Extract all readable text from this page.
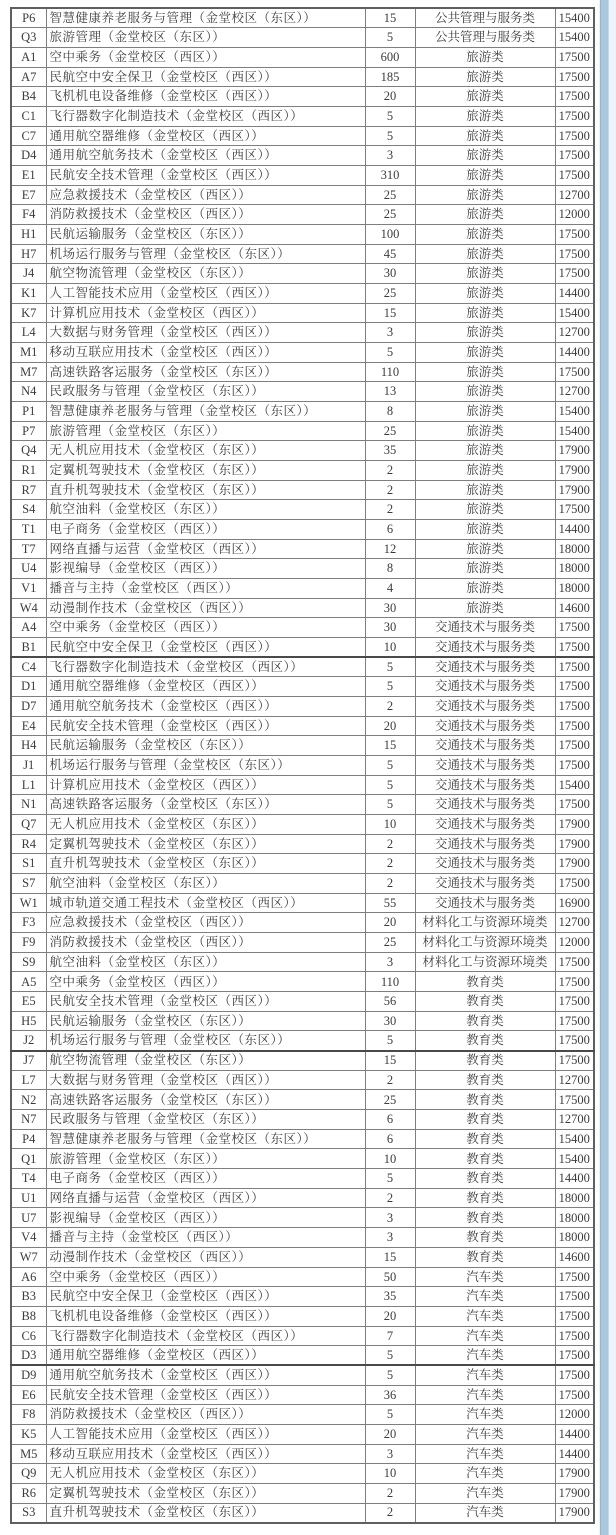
P6	智慧健康养老服务与管理（金堂校区（东区））	15	公共管理与服务类	15400
Q3	旅游管理（金堂校区（东区））	5	公共管理与服务类	15400
A1	空中乘务（金堂校区（西区））	600	旅游类	17500
A7	民航空中安全保卫（金堂校区（西区））	185	旅游类	17500
B4	飞机机电设备维修（金堂校区（西区））	20	旅游类	17500
C1	飞行器数字化制造技术（金堂校区（西区））	5	旅游类	17500
C7	通用航空器维修（金堂校区（西区））	5	旅游类	17500
D4	通用航空航务技术（金堂校区（西区））	3	旅游类	17500
E1	民航安全技术管理（金堂校区（西区））	310	旅游类	17500
E7	应急救援技术（金堂校区（西区））	25	旅游类	12700
F4	消防救援技术（金堂校区（西区））	25	旅游类	12000
H1	民航运输服务（金堂校区（东区））	100	旅游类	17500
H7	机场运行服务与管理（金堂校区（东区））	45	旅游类	17500
J4	航空物流管理（金堂校区（东区））	30	旅游类	17500
K1	人工智能技术应用（金堂校区（西区））	25	旅游类	14400
K7	计算机应用技术（金堂校区（西区））	15	旅游类	15400
L4	大数据与财务管理（金堂校区（西区））	3	旅游类	12700
M1	移动互联应用技术（金堂校区（西区））	5	旅游类	14400
M7	高速铁路客运服务（金堂校区（东区））	110	旅游类	17500
N4	民政服务与管理（金堂校区（东区））	13	旅游类	12700
P1	智慧健康养老服务与管理（金堂校区（东区））	8	旅游类	15400
P7	旅游管理（金堂校区（东区））	25	旅游类	15400
Q4	无人机应用技术（金堂校区（东区））	35	旅游类	17900
R1	定翼机驾驶技术（金堂校区（东区））	2	旅游类	17900
R7	直升机驾驶技术（金堂校区（东区））	2	旅游类	17900
S4	航空油料（金堂校区（东区））	2	旅游类	17500
T1	电子商务（金堂校区（西区））	6	旅游类	14400
T7	网络直播与运营（金堂校区（西区））	12	旅游类	18000
U4	影视编导（金堂校区（西区））	8	旅游类	18000
V1	播音与主持（金堂校区（西区））	4	旅游类	18000
W4	动漫制作技术（金堂校区（西区））	30	旅游类	14600
A4	空中乘务（金堂校区（西区））	30	交通技术与服务类	17500
B1	民航空中安全保卫（金堂校区（西区））	10	交通技术与服务类	17500
C4	飞行器数字化制造技术（金堂校区（西区））	5	交通技术与服务类	17500
D1	通用航空器维修（金堂校区（西区））	5	交通技术与服务类	17500
D7	通用航空航务技术（金堂校区（西区））	2	交通技术与服务类	17500
E4	民航安全技术管理（金堂校区（西区））	20	交通技术与服务类	17500
H4	民航运输服务（金堂校区（东区））	15	交通技术与服务类	17500
J1	机场运行服务与管理（金堂校区（东区））	5	交通技术与服务类	17500
L1	计算机应用技术（金堂校区（西区））	5	交通技术与服务类	15400
N1	高速铁路客运服务（金堂校区（东区））	5	交通技术与服务类	17500
Q7	无人机应用技术（金堂校区（东区））	10	交通技术与服务类	17900
R4	定翼机驾驶技术（金堂校区（东区））	2	交通技术与服务类	17900
S1	直升机驾驶技术（金堂校区（东区））	2	交通技术与服务类	17900
S7	航空油料（金堂校区（东区））	2	交通技术与服务类	17500
W1	城市轨道交通工程技术（金堂校区（西区））	55	交通技术与服务类	16900
F3	应急救援技术（金堂校区（西区））	20	材料化工与资源环境类	12700
F9	消防救援技术（金堂校区（西区））	25	材料化工与资源环境类	12000
S9	航空油料（金堂校区（东区））	3	材料化工与资源环境类	17500
A5	空中乘务（金堂校区（西区））	110	教育类	17500
E5	民航安全技术管理（金堂校区（西区））	56	教育类	17500
H5	民航运输服务（金堂校区（东区））	30	教育类	17500
J2	机场运行服务与管理（金堂校区（东区））	5	教育类	17500
J7	航空物流管理（金堂校区（东区））	15	教育类	17500
L7	大数据与财务管理（金堂校区（西区））	2	教育类	12700
N2	高速铁路客运服务（金堂校区（东区））	25	教育类	17500
N7	民政服务与管理（金堂校区（东区））	6	教育类	12700
P4	智慧健康养老服务与管理（金堂校区（东区））	6	教育类	15400
Q1	旅游管理（金堂校区（东区））	10	教育类	15400
T4	电子商务（金堂校区（西区））	5	教育类	14400
U1	网络直播与运营（金堂校区（西区））	2	教育类	18000
U7	影视编导（金堂校区（西区））	3	教育类	18000
V4	播音与主持（金堂校区（西区））	3	教育类	18000
W7	动漫制作技术（金堂校区（西区））	15	教育类	14600
A6	空中乘务（金堂校区（西区））	50	汽车类	17500
B3	民航空中安全保卫（金堂校区（西区））	35	汽车类	17500
B8	飞机机电设备维修（金堂校区（西区））	20	汽车类	17500
C6	飞行器数字化制造技术（金堂校区（西区））	7	汽车类	17500
D3	通用航空器维修（金堂校区（西区））	5	汽车类	17500
D9	通用航空航务技术（金堂校区（西区））	5	汽车类	17500
E6	民航安全技术管理（金堂校区（西区））	36	汽车类	17500
F8	消防救援技术（金堂校区（西区））	5	汽车类	12000
K5	人工智能技术应用（金堂校区（西区））	20	汽车类	14400
M5	移动互联应用技术（金堂校区（西区））	3	汽车类	14400
Q9	无人机应用技术（金堂校区（东区））	10	汽车类	17900
R6	定翼机驾驶技术（金堂校区（东区））	2	汽车类	17900
S3	直升机驾驶技术（金堂校区（东区））	2	汽车类	17900
